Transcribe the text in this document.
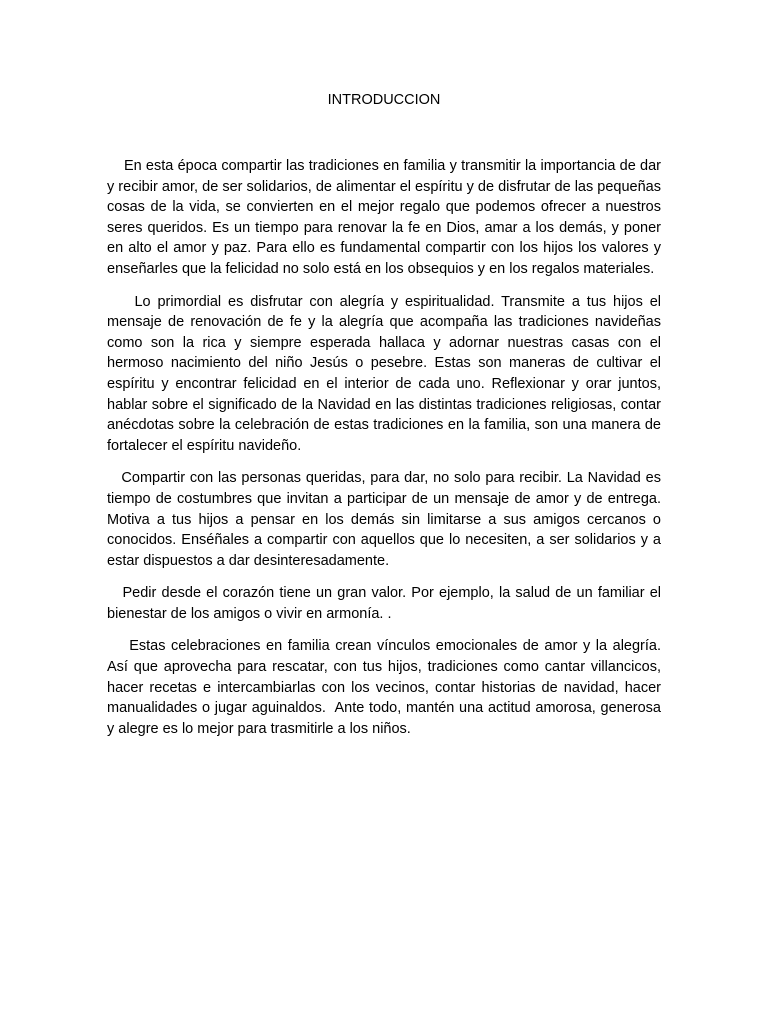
INTRODUCCION

En esta época compartir las tradiciones en familia y transmitir la importancia de dar y recibir amor, de ser solidarios, de alimentar el espíritu y de disfrutar de las pequeñas cosas de la vida, se convierten en el mejor regalo que podemos ofrecer a nuestros seres queridos. Es un tiempo para renovar la fe en Dios, amar a los demás, y poner en alto el amor y paz. Para ello es fundamental compartir con los hijos los valores y enseñarles que la felicidad no solo está en los obsequios y en los regalos materiales.

Lo primordial es disfrutar con alegría y espiritualidad. Transmite a tus hijos el mensaje de renovación de fe y la alegría que acompaña las tradiciones navideñas como son la rica y siempre esperada hallaca y adornar nuestras casas con el hermoso nacimiento del niño Jesús o pesebre. Estas son maneras de cultivar el espíritu y encontrar felicidad en el interior de cada uno. Reflexionar y orar juntos, hablar sobre el significado de la Navidad en las distintas tradiciones religiosas, contar anécdotas sobre la celebración de estas tradiciones en la familia, son una manera de fortalecer el espíritu navideño.

Compartir con las personas queridas, para dar, no solo para recibir. La Navidad es tiempo de costumbres que invitan a participar de un mensaje de amor y de entrega. Motiva a tus hijos a pensar en los demás sin limitarse a sus amigos cercanos o conocidos. Enséñales a compartir con aquellos que lo necesiten, a ser solidarios y a estar dispuestos a dar desinteresadamente.

Pedir desde el corazón tiene un gran valor. Por ejemplo, la salud de un familiar el bienestar de los amigos o vivir en armonía. .

Estas celebraciones en familia crean vínculos emocionales de amor y la alegría. Así que aprovecha para rescatar, con tus hijos, tradiciones como cantar villancicos, hacer recetas e intercambiarlas con los vecinos, contar historias de navidad, hacer manualidades o jugar aguinaldos.  Ante todo, mantén una actitud amorosa, generosa y alegre es lo mejor para trasmitirle a los niños.
